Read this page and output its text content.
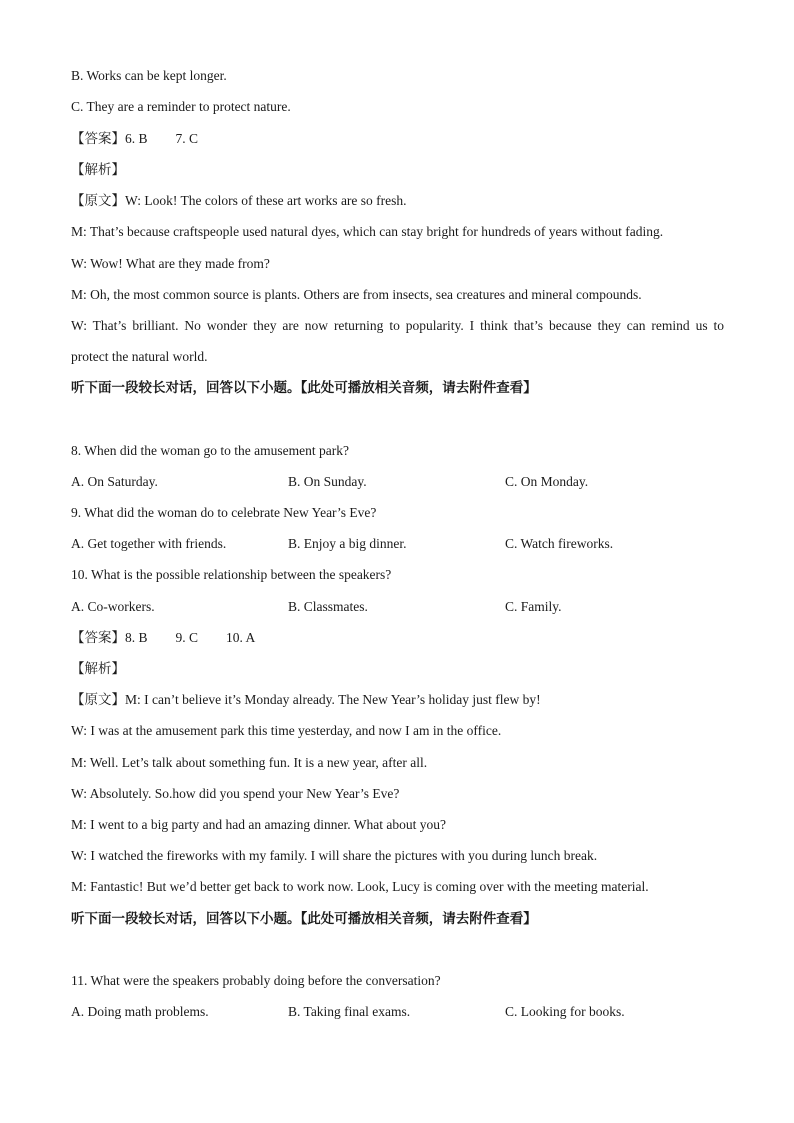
B. Works can be kept longer.
C. They are a reminder to protect nature.
【答案】6. B 7. C
【解析】
【原文】W: Look! The colors of these art works are so fresh.
M: That’s because craftspeople used natural dyes, which can stay bright for hundreds of years without fading.
W: Wow! What are they made from?
M: Oh, the most common source is plants. Others are from insects, sea creatures and mineral compounds.
W: That’s brilliant. No wonder they are now returning to popularity. I think that’s because they can remind us to
protect the natural world.
听下面一段较长对话，回答以下小题。【此处可播放相关音频，请去附件查看】
8. When did the woman go to the amusement park?
A. On Saturday.	B. On Sunday.	C. On Monday.
9. What did the woman do to celebrate New Year’s Eve?
A. Get together with friends.	B. Enjoy a big dinner.	C. Watch fireworks.
10. What is the possible relationship between the speakers?
A. Co-workers.	B. Classmates.	C. Family.
【答案】8. B 9. C 10. A
【解析】
【原文】M: I can’t believe it’s Monday already. The New Year’s holiday just flew by!
W: I was at the amusement park this time yesterday, and now I am in the office.
M: Well. Let’s talk about something fun. It is a new year, after all.
W: Absolutely. So.how did you spend your New Year’s Eve?
M: I went to a big party and had an amazing dinner. What about you?
W: I watched the fireworks with my family. I will share the pictures with you during lunch break.
M: Fantastic! But we’d better get back to work now. Look, Lucy is coming over with the meeting material.
听下面一段较长对话，回答以下小题。【此处可播放相关音频，请去附件查看】
11. What were the speakers probably doing before the conversation?
A. Doing math problems.	B. Taking final exams.	C. Looking for books.
